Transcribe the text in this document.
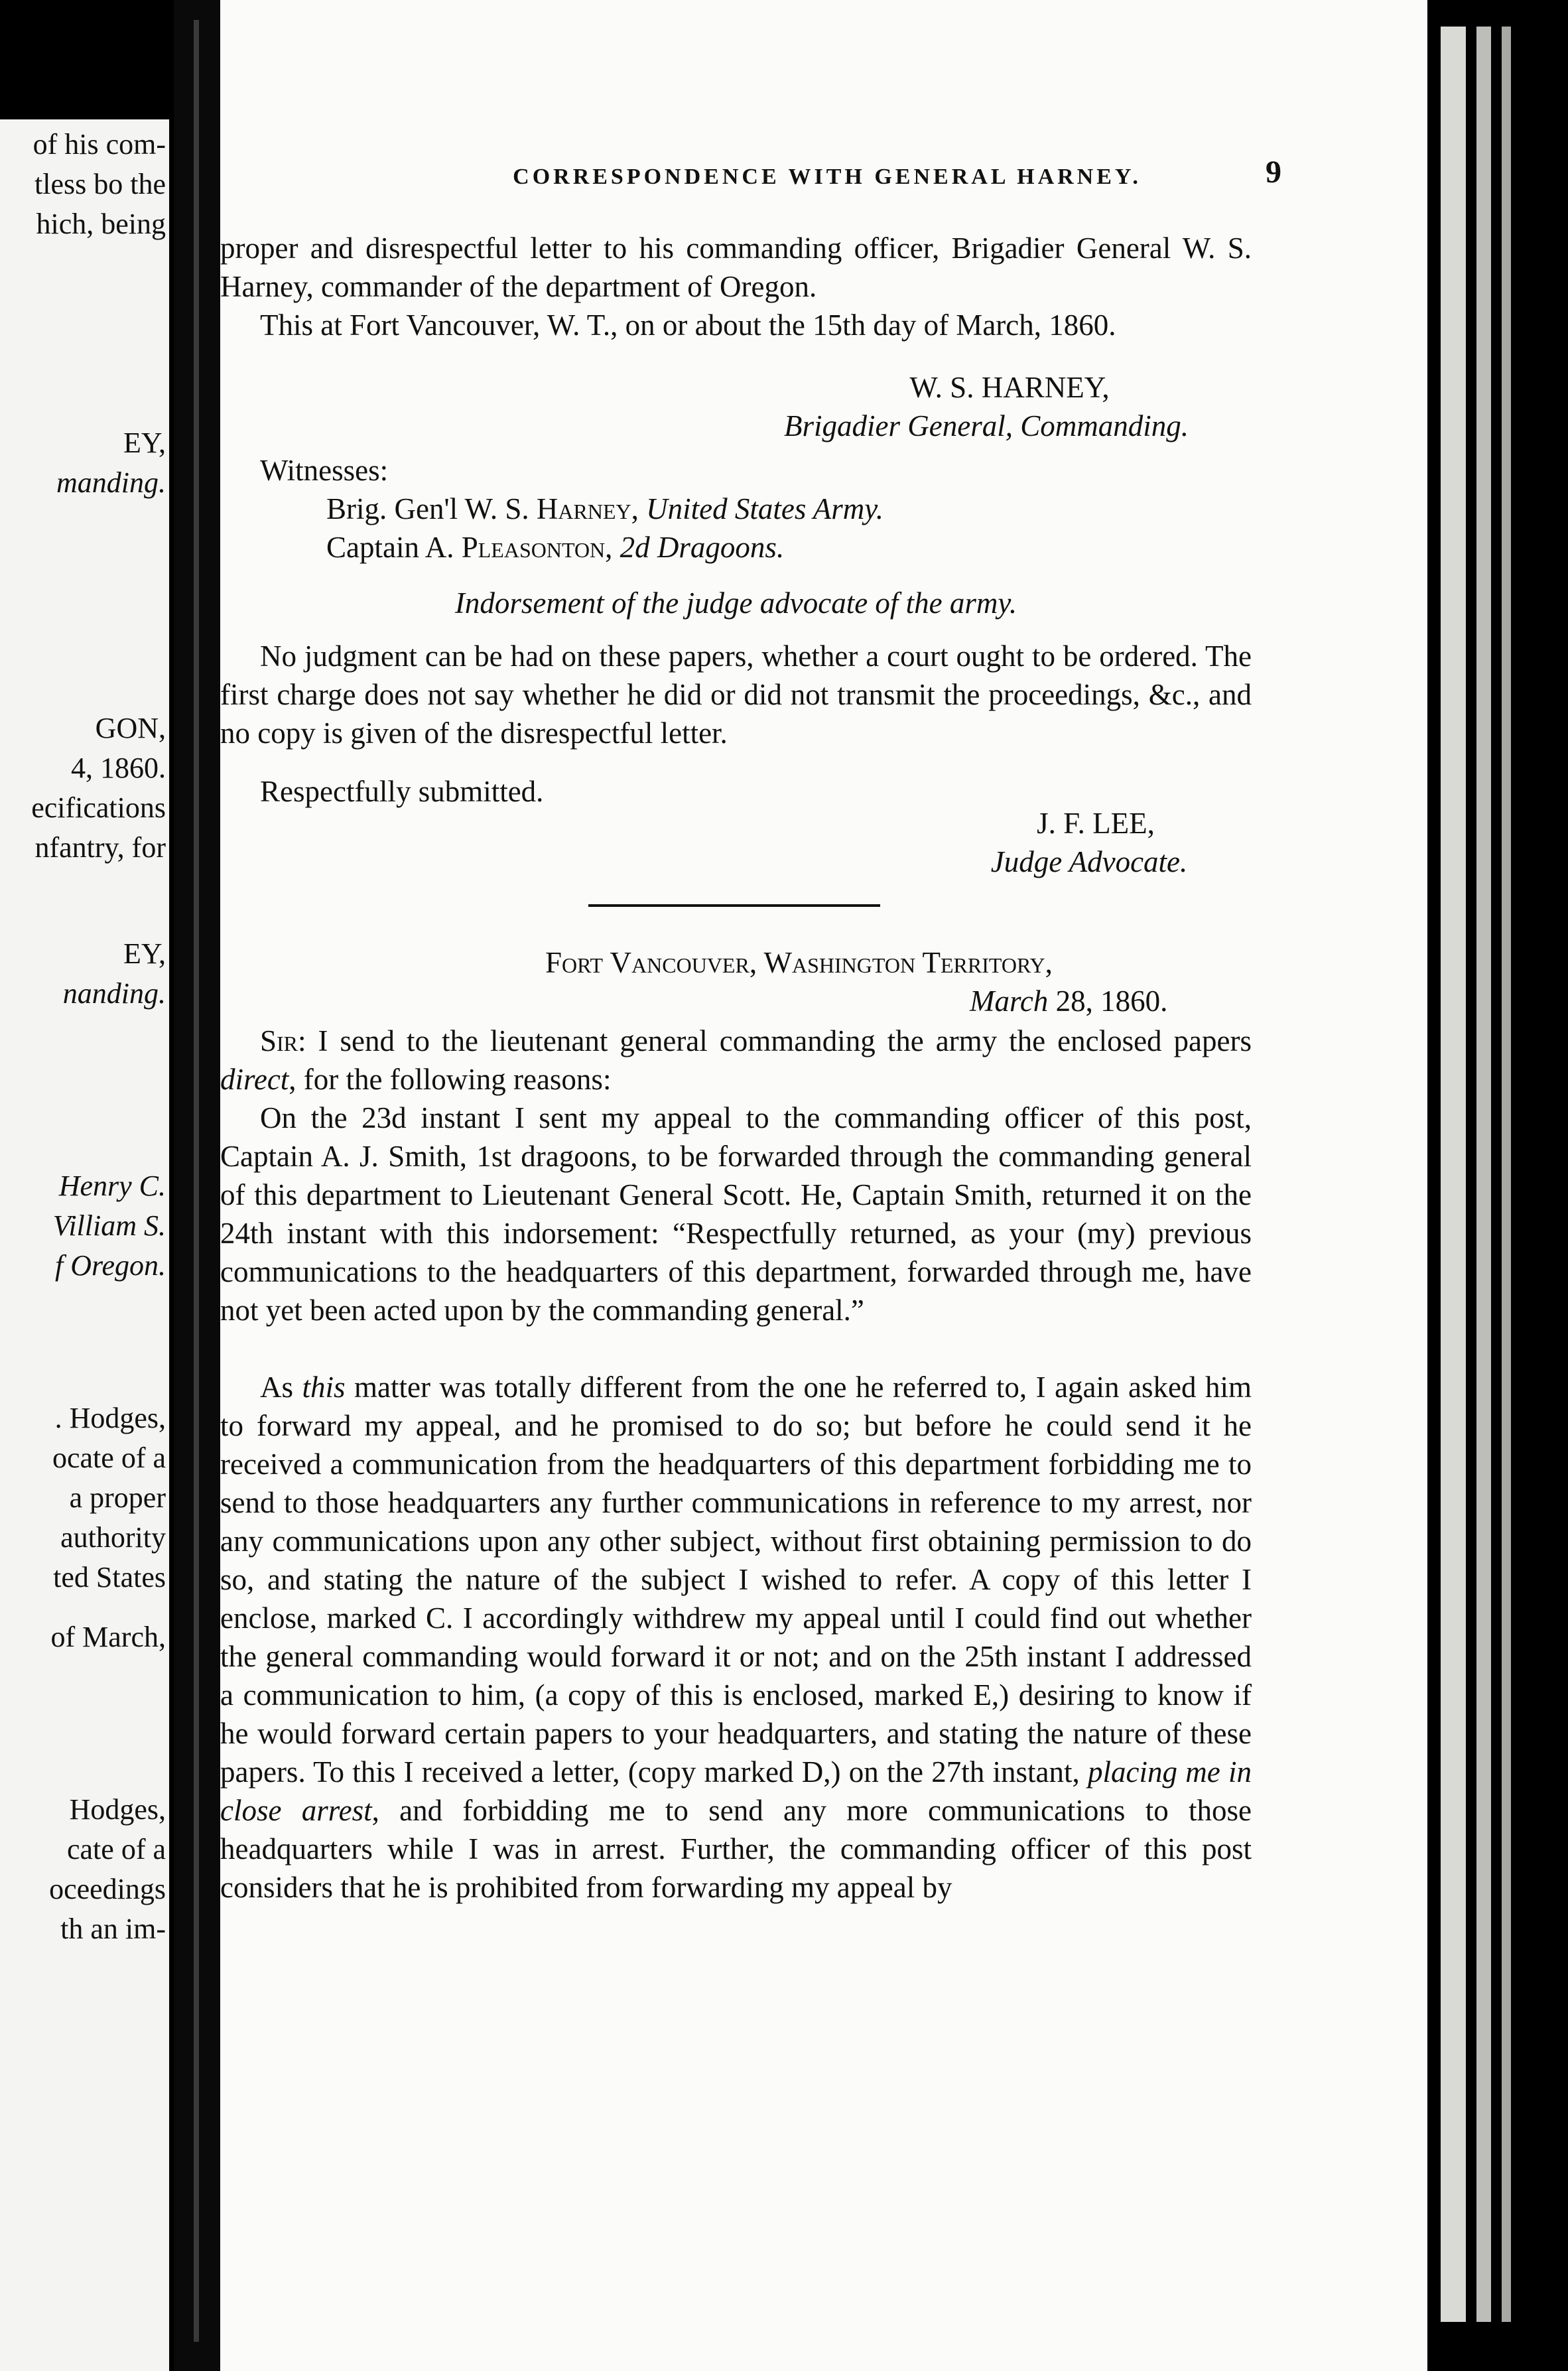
of his com-
tless bo the
hich, being
EY,
manding.
GON,
4, 1860.
ecifications
nfantry, for
EY,
nanding.
Henry C.
Villiam S.
f Oregon.
. Hodges,
ocate of a
a proper
authority
ted States
of March,
Hodges,
cate of a
oceedings
th an im-
CORRESPONDENCE WITH GENERAL HARNEY.	9
proper and disrespectful letter to his commanding officer, Brigadier General W. S. Harney, commander of the department of Oregon.
This at Fort Vancouver, W. T., on or about the 15th day of March, 1860.
W. S. HARNEY,
Brigadier General, Commanding.
Witnesses:
Brig. Gen'l W. S. Harney, United States Army.
Captain A. Pleasonton, 2d Dragoons.
Indorsement of the judge advocate of the army.
No judgment can be had on these papers, whether a court ought to be ordered. The first charge does not say whether he did or did not transmit the proceedings, &c., and no copy is given of the disrespectful letter.
Respectfully submitted.
J. F. LEE,
Judge Advocate.
Fort Vancouver, Washington Territory,
March 28, 1860.
Sir: I send to the lieutenant general commanding the army the enclosed papers direct, for the following reasons:
On the 23d instant I sent my appeal to the commanding officer of this post, Captain A. J. Smith, 1st dragoons, to be forwarded through the commanding general of this department to Lieutenant General Scott. He, Captain Smith, returned it on the 24th instant with this indorsement: “Respectfully returned, as your (my) previous communications to the headquarters of this department, forwarded through me, have not yet been acted upon by the commanding general.”
As this matter was totally different from the one he referred to, I again asked him to forward my appeal, and he promised to do so; but before he could send it he received a communication from the headquarters of this department forbidding me to send to those headquarters any further communications in reference to my arrest, nor any communications upon any other subject, without first obtaining permission to do so, and stating the nature of the subject I wished to refer. A copy of this letter I enclose, marked C. I accordingly withdrew my appeal until I could find out whether the general commanding would forward it or not; and on the 25th instant I addressed a communication to him, (a copy of this is enclosed, marked E,) desiring to know if he would forward certain papers to your headquarters, and stating the nature of these papers. To this I received a letter, (copy marked D,) on the 27th instant, placing me in close arrest, and forbidding me to send any more communications to those headquarters while I was in arrest. Further, the commanding officer of this post considers that he is prohibited from forwarding my appeal by
